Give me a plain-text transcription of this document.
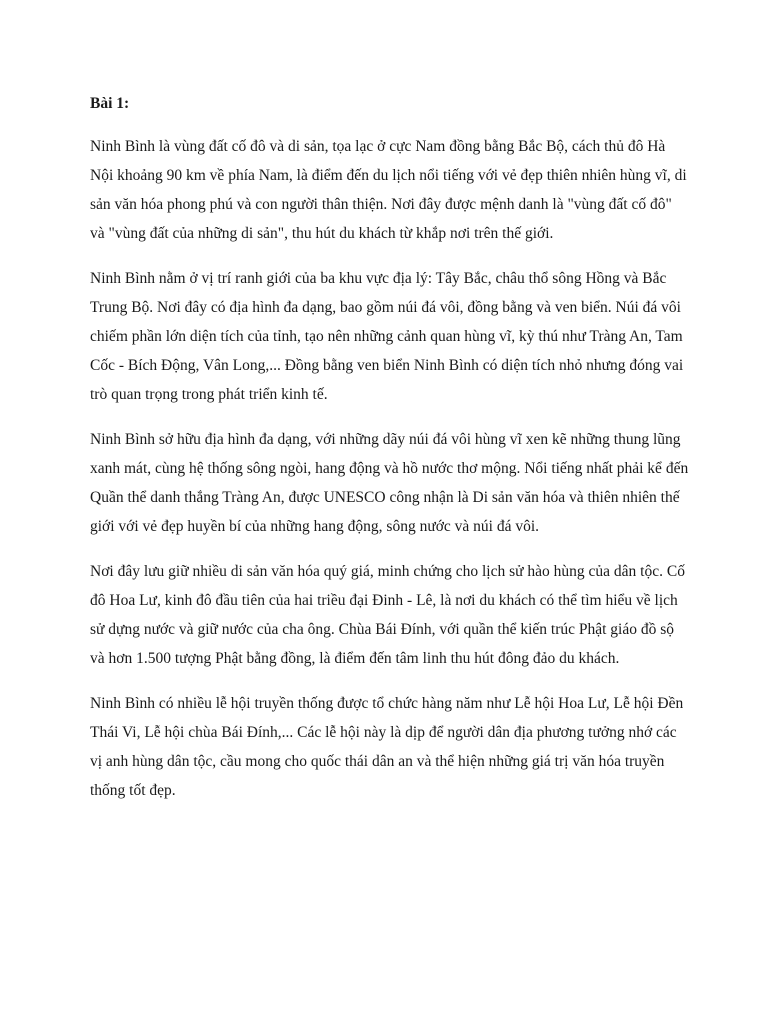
Bài 1:

Ninh Bình là vùng đất cố đô và di sản, tọa lạc ở cực Nam đồng bằng Bắc Bộ, cách thủ đô Hà Nội khoảng 90 km về phía Nam, là điểm đến du lịch nổi tiếng với vẻ đẹp thiên nhiên hùng vĩ, di sản văn hóa phong phú và con người thân thiện. Nơi đây được mệnh danh là "vùng đất cố đô" và "vùng đất của những di sản", thu hút du khách từ khắp nơi trên thế giới.

Ninh Bình nằm ở vị trí ranh giới của ba khu vực địa lý: Tây Bắc, châu thổ sông Hồng và Bắc Trung Bộ. Nơi đây có địa hình đa dạng, bao gồm núi đá vôi, đồng bằng và ven biển. Núi đá vôi chiếm phần lớn diện tích của tỉnh, tạo nên những cảnh quan hùng vĩ, kỳ thú như Tràng An, Tam Cốc - Bích Động, Vân Long,... Đồng bằng ven biển Ninh Bình có diện tích nhỏ nhưng đóng vai trò quan trọng trong phát triển kinh tế.

Ninh Bình sở hữu địa hình đa dạng, với những dãy núi đá vôi hùng vĩ xen kẽ những thung lũng xanh mát, cùng hệ thống sông ngòi, hang động và hồ nước thơ mộng. Nổi tiếng nhất phải kể đến Quần thể danh thắng Tràng An, được UNESCO công nhận là Di sản văn hóa và thiên nhiên thế giới với vẻ đẹp huyền bí của những hang động, sông nước và núi đá vôi.

Nơi đây lưu giữ nhiều di sản văn hóa quý giá, minh chứng cho lịch sử hào hùng của dân tộc. Cố đô Hoa Lư, kinh đô đầu tiên của hai triều đại Đinh - Lê, là nơi du khách có thể tìm hiểu về lịch sử dựng nước và giữ nước của cha ông. Chùa Bái Đính, với quần thể kiến trúc Phật giáo đồ sộ và hơn 1.500 tượng Phật bằng đồng, là điểm đến tâm linh thu hút đông đảo du khách.

Ninh Bình có nhiều lễ hội truyền thống được tổ chức hàng năm như Lễ hội Hoa Lư, Lễ hội Đền Thái Vi, Lễ hội chùa Bái Đính,... Các lễ hội này là dịp để người dân địa phương tưởng nhớ các vị anh hùng dân tộc, cầu mong cho quốc thái dân an và thể hiện những giá trị văn hóa truyền thống tốt đẹp.
